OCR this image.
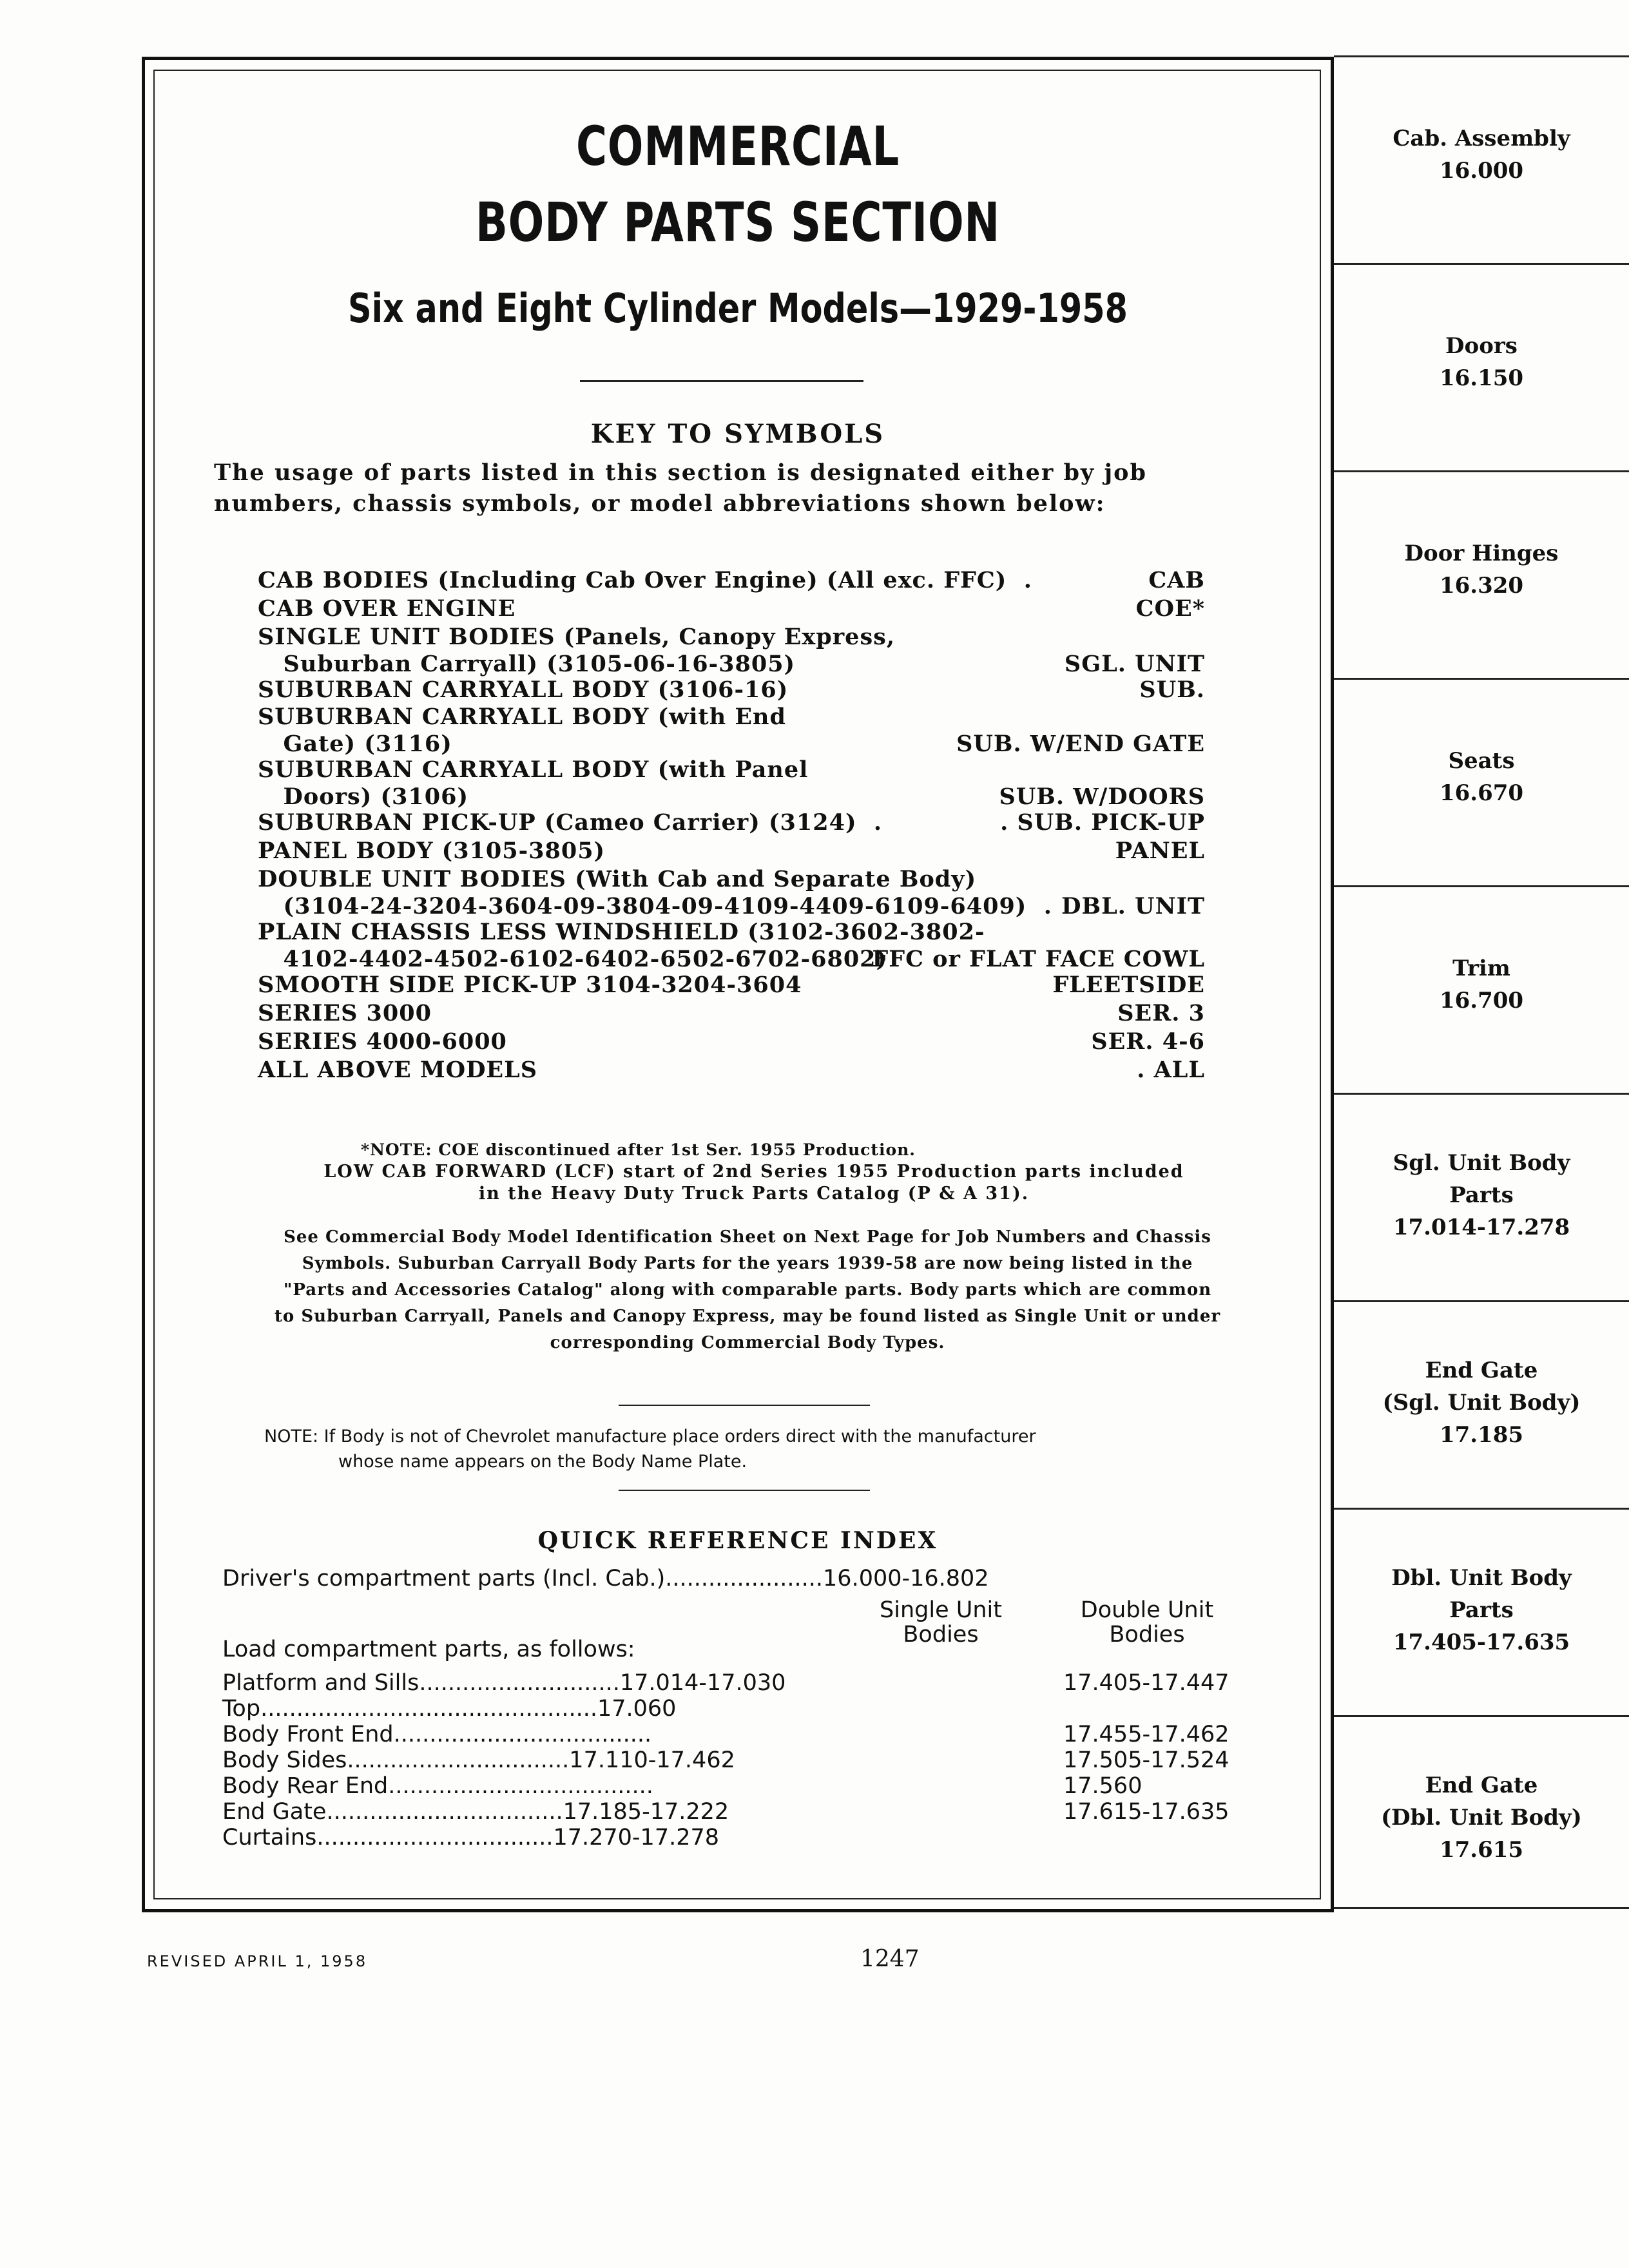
COMMERCIAL
BODY PARTS SECTION
Six and Eight Cylinder Models—1929-1958
KEY TO SYMBOLS
The usage of parts listed in this section is designated either by job numbers, chassis symbols, or model abbreviations shown below:
CAB BODIES (Including Cab Over Engine) (All exc. FFC)  .	CAB
CAB OVER ENGINE	COE*
SINGLE UNIT BODIES (Panels, Canopy Express,
Suburban Carryall) (3105-06-16-3805)	SGL. UNIT
SUBURBAN CARRYALL BODY (3106-16)	SUB.
SUBURBAN CARRYALL BODY (with End
Gate) (3116)	SUB. W/END GATE
SUBURBAN CARRYALL BODY (with Panel
Doors) (3106)	SUB. W/DOORS
SUBURBAN PICK-UP (Cameo Carrier) (3124)  .	. SUB. PICK-UP
PANEL BODY (3105-3805)	PANEL
DOUBLE UNIT BODIES (With Cab and Separate Body)
(3104-24-3204-3604-09-3804-09-4109-4409-6109-6409)  . DBL. UNIT
PLAIN CHASSIS LESS WINDSHIELD (3102-3602-3802-
4102-4402-4502-6102-6402-6502-6702-6802)
FFC or FLAT FACE COWL
SMOOTH SIDE PICK-UP 3104-3204-3604	FLEETSIDE
SERIES 3000	SER. 3
SERIES 4000-6000	SER. 4-6
ALL ABOVE MODELS	. ALL
*NOTE: COE discontinued after 1st Ser. 1955 Production.
LOW CAB FORWARD (LCF) start of 2nd Series 1955 Production parts included
in the Heavy Duty Truck Parts Catalog (P & A 31).
See Commercial Body Model Identification Sheet on Next Page for Job Numbers and Chassis Symbols. Suburban Carryall Body Parts for the years 1939-58 are now being listed in the "Parts and Accessories Catalog" along with comparable parts. Body parts which are common to Suburban Carryall, Panels and Canopy Express, may be found listed as Single Unit or under corresponding Commercial Body Types.
NOTE: If Body is not of Chevrolet manufacture place orders direct with the manufacturer
whose name appears on the Body Name Plate.
QUICK REFERENCE INDEX
Driver's compartment parts (Incl. Cab.)......................16.000-16.802
Single Unit
Bodies
Double Unit
Bodies
Load compartment parts, as follows:
Platform and Sills............................17.014-17.030	17.405-17.447
Top...............................................17.060
Body Front End....................................	17.455-17.462
Body Sides...............................17.110-17.462	17.505-17.524
Body Rear End.....................................	17.560
End Gate.................................17.185-17.222	17.615-17.635
Curtains.................................17.270-17.278
Cab. Assembly
16.000
Doors
16.150
Door Hinges
16.320
Seats
16.670
Trim
16.700
Sgl. Unit Body
Parts
17.014-17.278
End Gate
(Sgl. Unit Body)
17.185
Dbl. Unit Body
Parts
17.405-17.635
End Gate
(Dbl. Unit Body)
17.615
REVISED APRIL 1, 1958	1247
